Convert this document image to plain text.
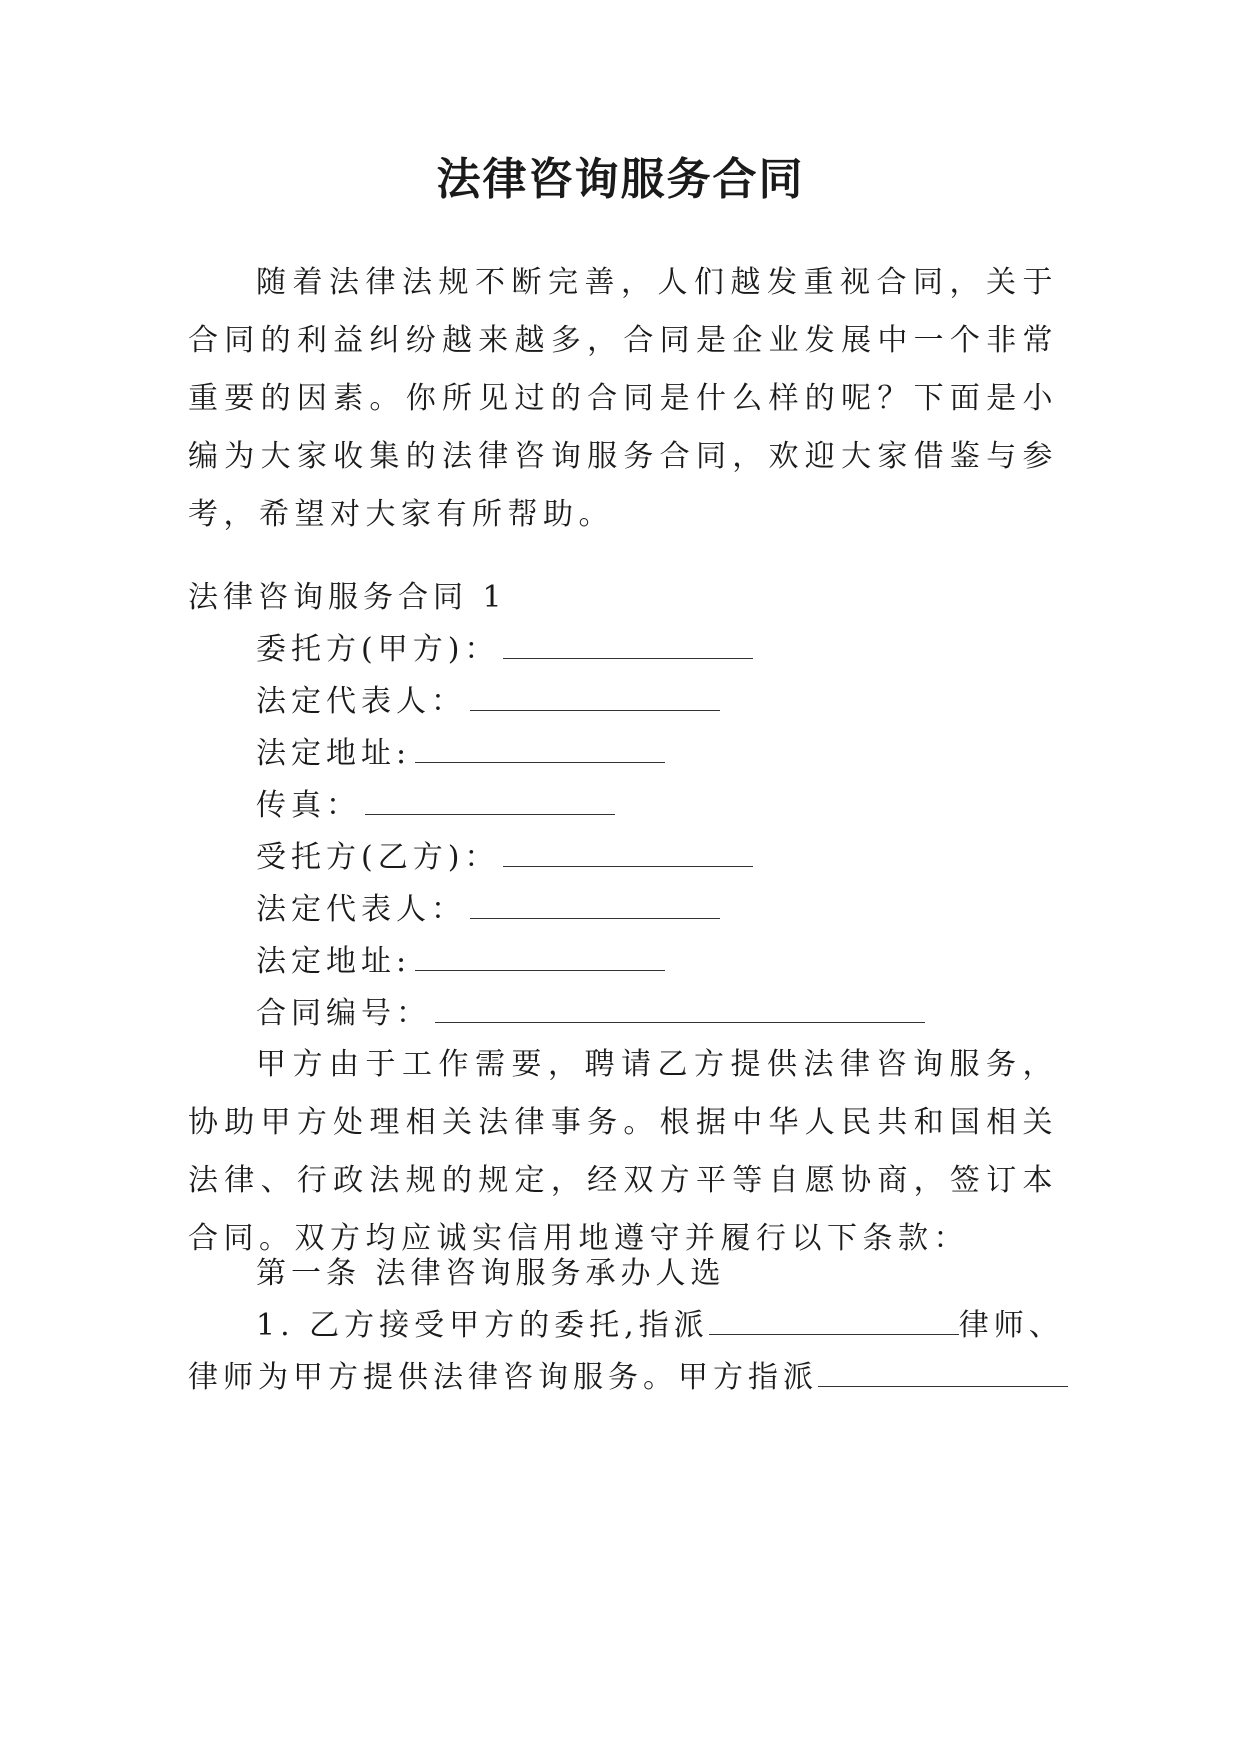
法律咨询服务合同

随着法律法规不断完善，人们越发重视合同，关于合同的利益纠纷越来越多，合同是企业发展中一个非常重要的因素。你所见过的合同是什么样的呢？下面是小编为大家收集的法律咨询服务合同，欢迎大家借鉴与参考，希望对大家有所帮助。

法律咨询服务合同 1
委托方(甲方)：
法定代表人：
法定地址:
传真：
受托方(乙方)：
法定代表人：
法定地址:
合同编号：

甲方由于工作需要，聘请乙方提供法律咨询服务，协助甲方处理相关法律事务。根据中华人民共和国相关法律、行政法规的规定，经双方平等自愿协商，签订本合同。双方均应诚实信用地遵守并履行以下条款：

第一条 法律咨询服务承办人选
1. 乙方接受甲方的委托,指派	律师、
律师为甲方提供法律咨询服务。甲方指派
